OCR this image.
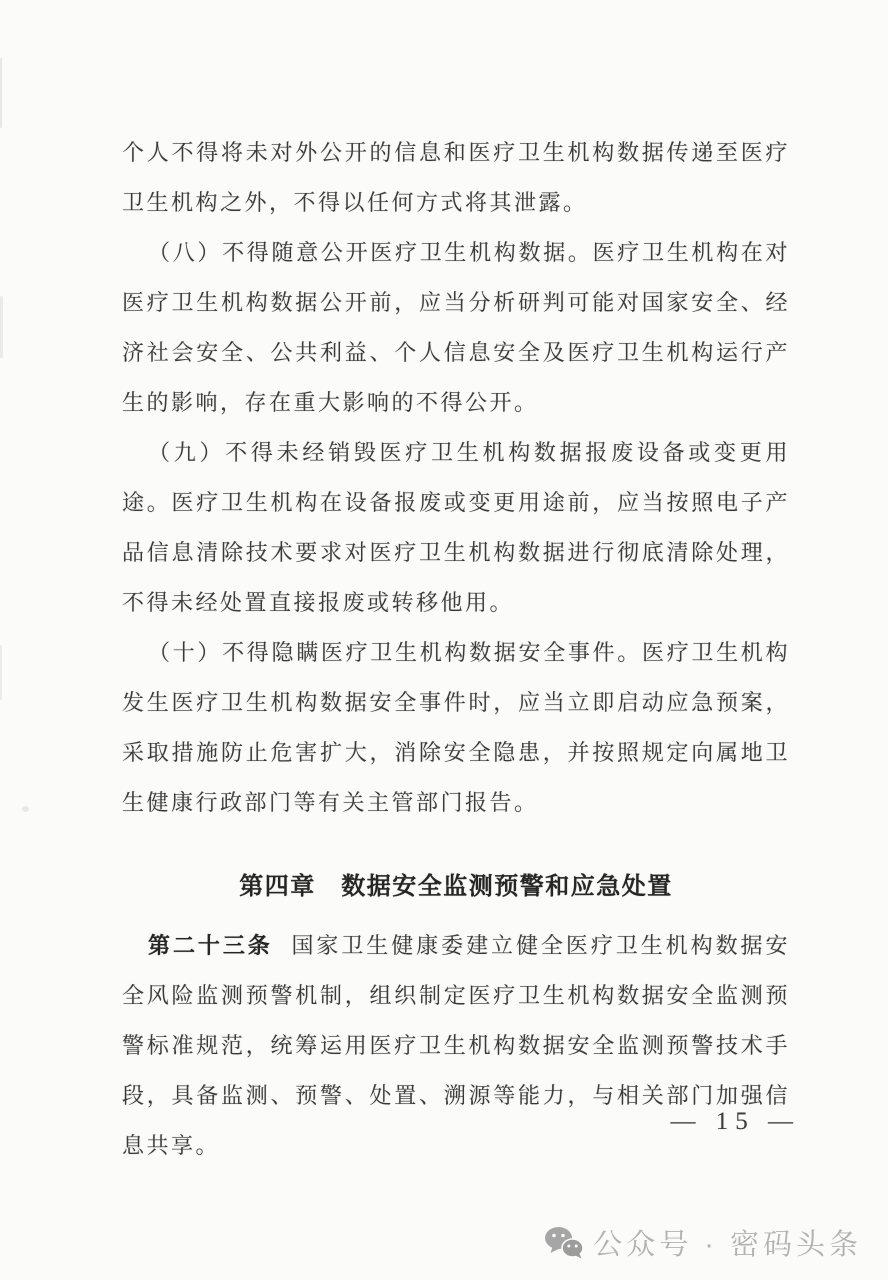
个人不得将未对外公开的信息和医疗卫生机构数据传递至医疗卫生机构之外，不得以任何方式将其泄露。

（八）不得随意公开医疗卫生机构数据。医疗卫生机构在对医疗卫生机构数据公开前，应当分析研判可能对国家安全、经济社会安全、公共利益、个人信息安全及医疗卫生机构运行产生的影响，存在重大影响的不得公开。

（九）不得未经销毁医疗卫生机构数据报废设备或变更用途。医疗卫生机构在设备报废或变更用途前，应当按照电子产品信息清除技术要求对医疗卫生机构数据进行彻底清除处理，不得未经处置直接报废或转移他用。

（十）不得隐瞒医疗卫生机构数据安全事件。医疗卫生机构发生医疗卫生机构数据安全事件时，应当立即启动应急预案，采取措施防止危害扩大，消除安全隐患，并按照规定向属地卫生健康行政部门等有关主管部门报告。

第四章　数据安全监测预警和应急处置

第二十三条 国家卫生健康委建立健全医疗卫生机构数据安全风险监测预警机制，组织制定医疗卫生机构数据安全监测预警标准规范，统筹运用医疗卫生机构数据安全监测预警技术手段，具备监测、预警、处置、溯源等能力，与相关部门加强信息共享。

— 15 —
公众号 · 密码头条
